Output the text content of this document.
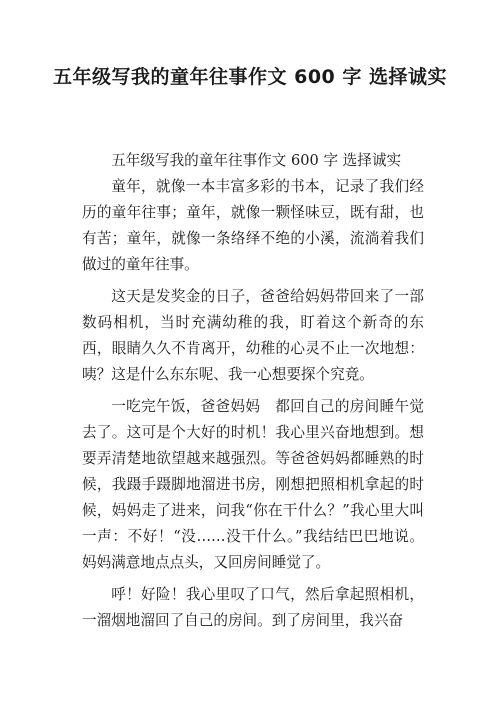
五年级写我的童年往事作文 600 字 选择诚实

五年级写我的童年往事作文 600 字 选择诚实

童年，就像一本丰富多彩的书本，记录了我们经历的童年往事；童年，就像一颗怪味豆，既有甜，也有苦；童年，就像一条络绎不绝的小溪，流淌着我们做过的童年往事。

这天是发奖金的日子，爸爸给妈妈带回来了一部数码相机，当时充满幼稚的我，盯着这个新奇的东西，眼睛久久不肯离开，幼稚的心灵不止一次地想：咦？这是什么东东呢、我一心想要探个究竟。

一吃完午饭，爸爸妈妈　都回自己的房间睡午觉去了。这可是个大好的时机！我心里兴奋地想到。想要弄清楚地欲望越来越强烈。等爸爸妈妈都睡熟的时候，我蹑手蹑脚地溜进书房，刚想把照相机拿起的时候，妈妈走了进来，问我“你在干什么？”我心里大叫一声：不好！“没……没干什么。”我结结巴巴地说。妈妈满意地点点头，又回房间睡觉了。

呼！好险！我心里叹了口气，然后拿起照相机，一溜烟地溜回了自己的房间。到了房间里，我兴奋
